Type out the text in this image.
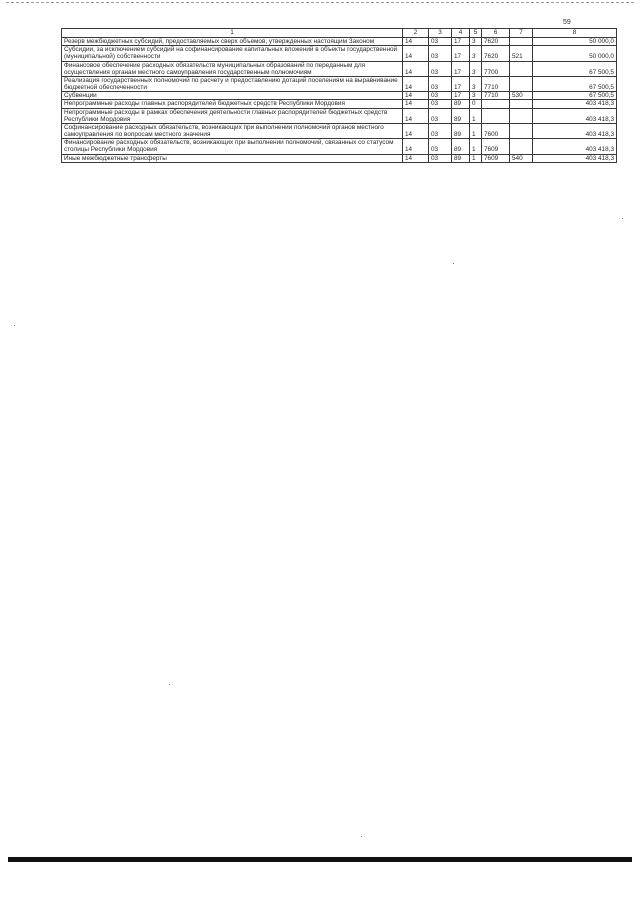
59
1	2	3	4	5	6	7	8
Резерв межбюджетных субсидий, предоставляемых сверх объемов, утвержденных настоящим Законом	14	03	17	3	7620		50 000,0
Субсидии, за исключением субсидий на софинансирование капитальных вложений в объекты государственной (муниципальной) собственности	14	03	17	3	7620	521	50 000,0
Финансовое обеспечение расходных обязательств муниципальных образований по переданным для осуществления органам местного самоуправления государственным полномочиям	14	03	17	3	7700		67 500,5
Реализация государственных полномочий по расчету и предоставлению дотаций поселениям на выравнивание бюджетной обеспеченности	14	03	17	3	7710		67 500,5
Субвенции	14	03	17	3	7710	530	67 500,5
Непрограммные расходы главных распорядителей бюджетных средств Республики Мордовия	14	03	89	0			403 418,3
Непрограммные расходы в рамках обеспечения деятельности главных распорядителей бюджетных средств Республики Мордовия	14	03	89	1			403 418,3
Софинансирование расходных обязательств, возникающих при выполнении полномочий органов местного самоуправления по вопросам местного значения	14	03	89	1	7600		403 418,3
Финансирование расходных обязательств, возникающих при выполнении полномочий, связанных со статусом столицы Республики Мордовия	14	03	89	1	7609		403 418,3
Иные межбюджетные трансферты	14	03	89	1	7609	540	403 418,3
